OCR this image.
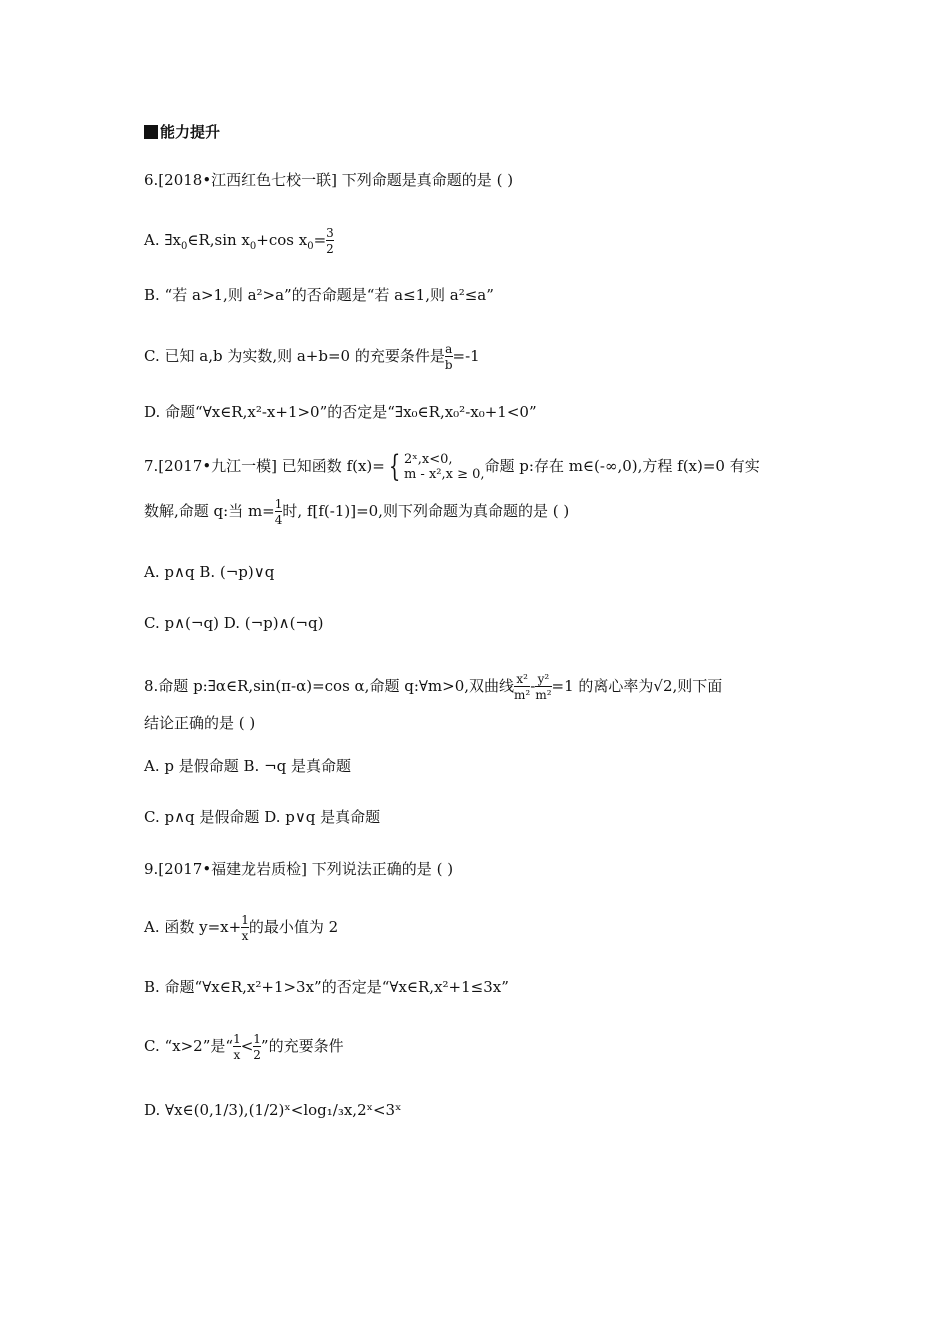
能力提升
6.[2018•江西红色七校一联] 下列命题是真命题的是 ( )
A. $\exists x_0\in R,\sin$ $x_0+\cos$ $x_0= \frac{3}{2}$
B. “若 a>1,则 a²>a”的否命题是“若 a≤1,则 a²≤a”
C. 已知 a,b 为实数,则 a+b=0 的充要条件是 $\frac{a}{b} =-1$
D. 命题“∀x∈R,x²-x+1>0”的否定是“∃x₀∈R,x₀²-x₀+1<0”
7.[2017•九江一模] 已知函数 f(x)= { 2ˣ,x<0,
m - x²,x ≥ 0, 命题 p:存在 m∈(-∞,0),方程 f(x)=0 有实
数解,命题 q:当 $m= \frac{1}{4}$ 时, f[f(-1)]=0,则下列命题为真命题的是 ( )
A. p∧q B. (¬p)∨q
C. p∧(¬q) D. (¬p)∧(¬q)
8.命题 p:∃α∈R,sin(π-α)=cos α,命题 q:∀m>0,双曲线 $\frac{\text{x²}}{\text{m²}} - \frac{\text{y²}}{\text{m²}} =1$ 的离心率为√2,则下面
结论正确的是 ( )
A. p 是假命题 B. ¬q 是真命题
C. p∧q 是假命题 D. p∨q 是真命题
9.[2017•福建龙岩质检] 下列说法正确的是 ( )
A. 函数 $y=x+ \frac{1}{x}$ 的最小值为 2
B. 命题“∀x∈R,x²+1>3x”的否定是“∀x∈R,x²+1≤3x”
C. “x>2”是“ $\frac{1}{x} < \frac{1}{2}$ ”的充要条件
D. ∀x∈(0,1/3),(1/2)ˣ<log₁/₃x,2ˣ<3ˣ
